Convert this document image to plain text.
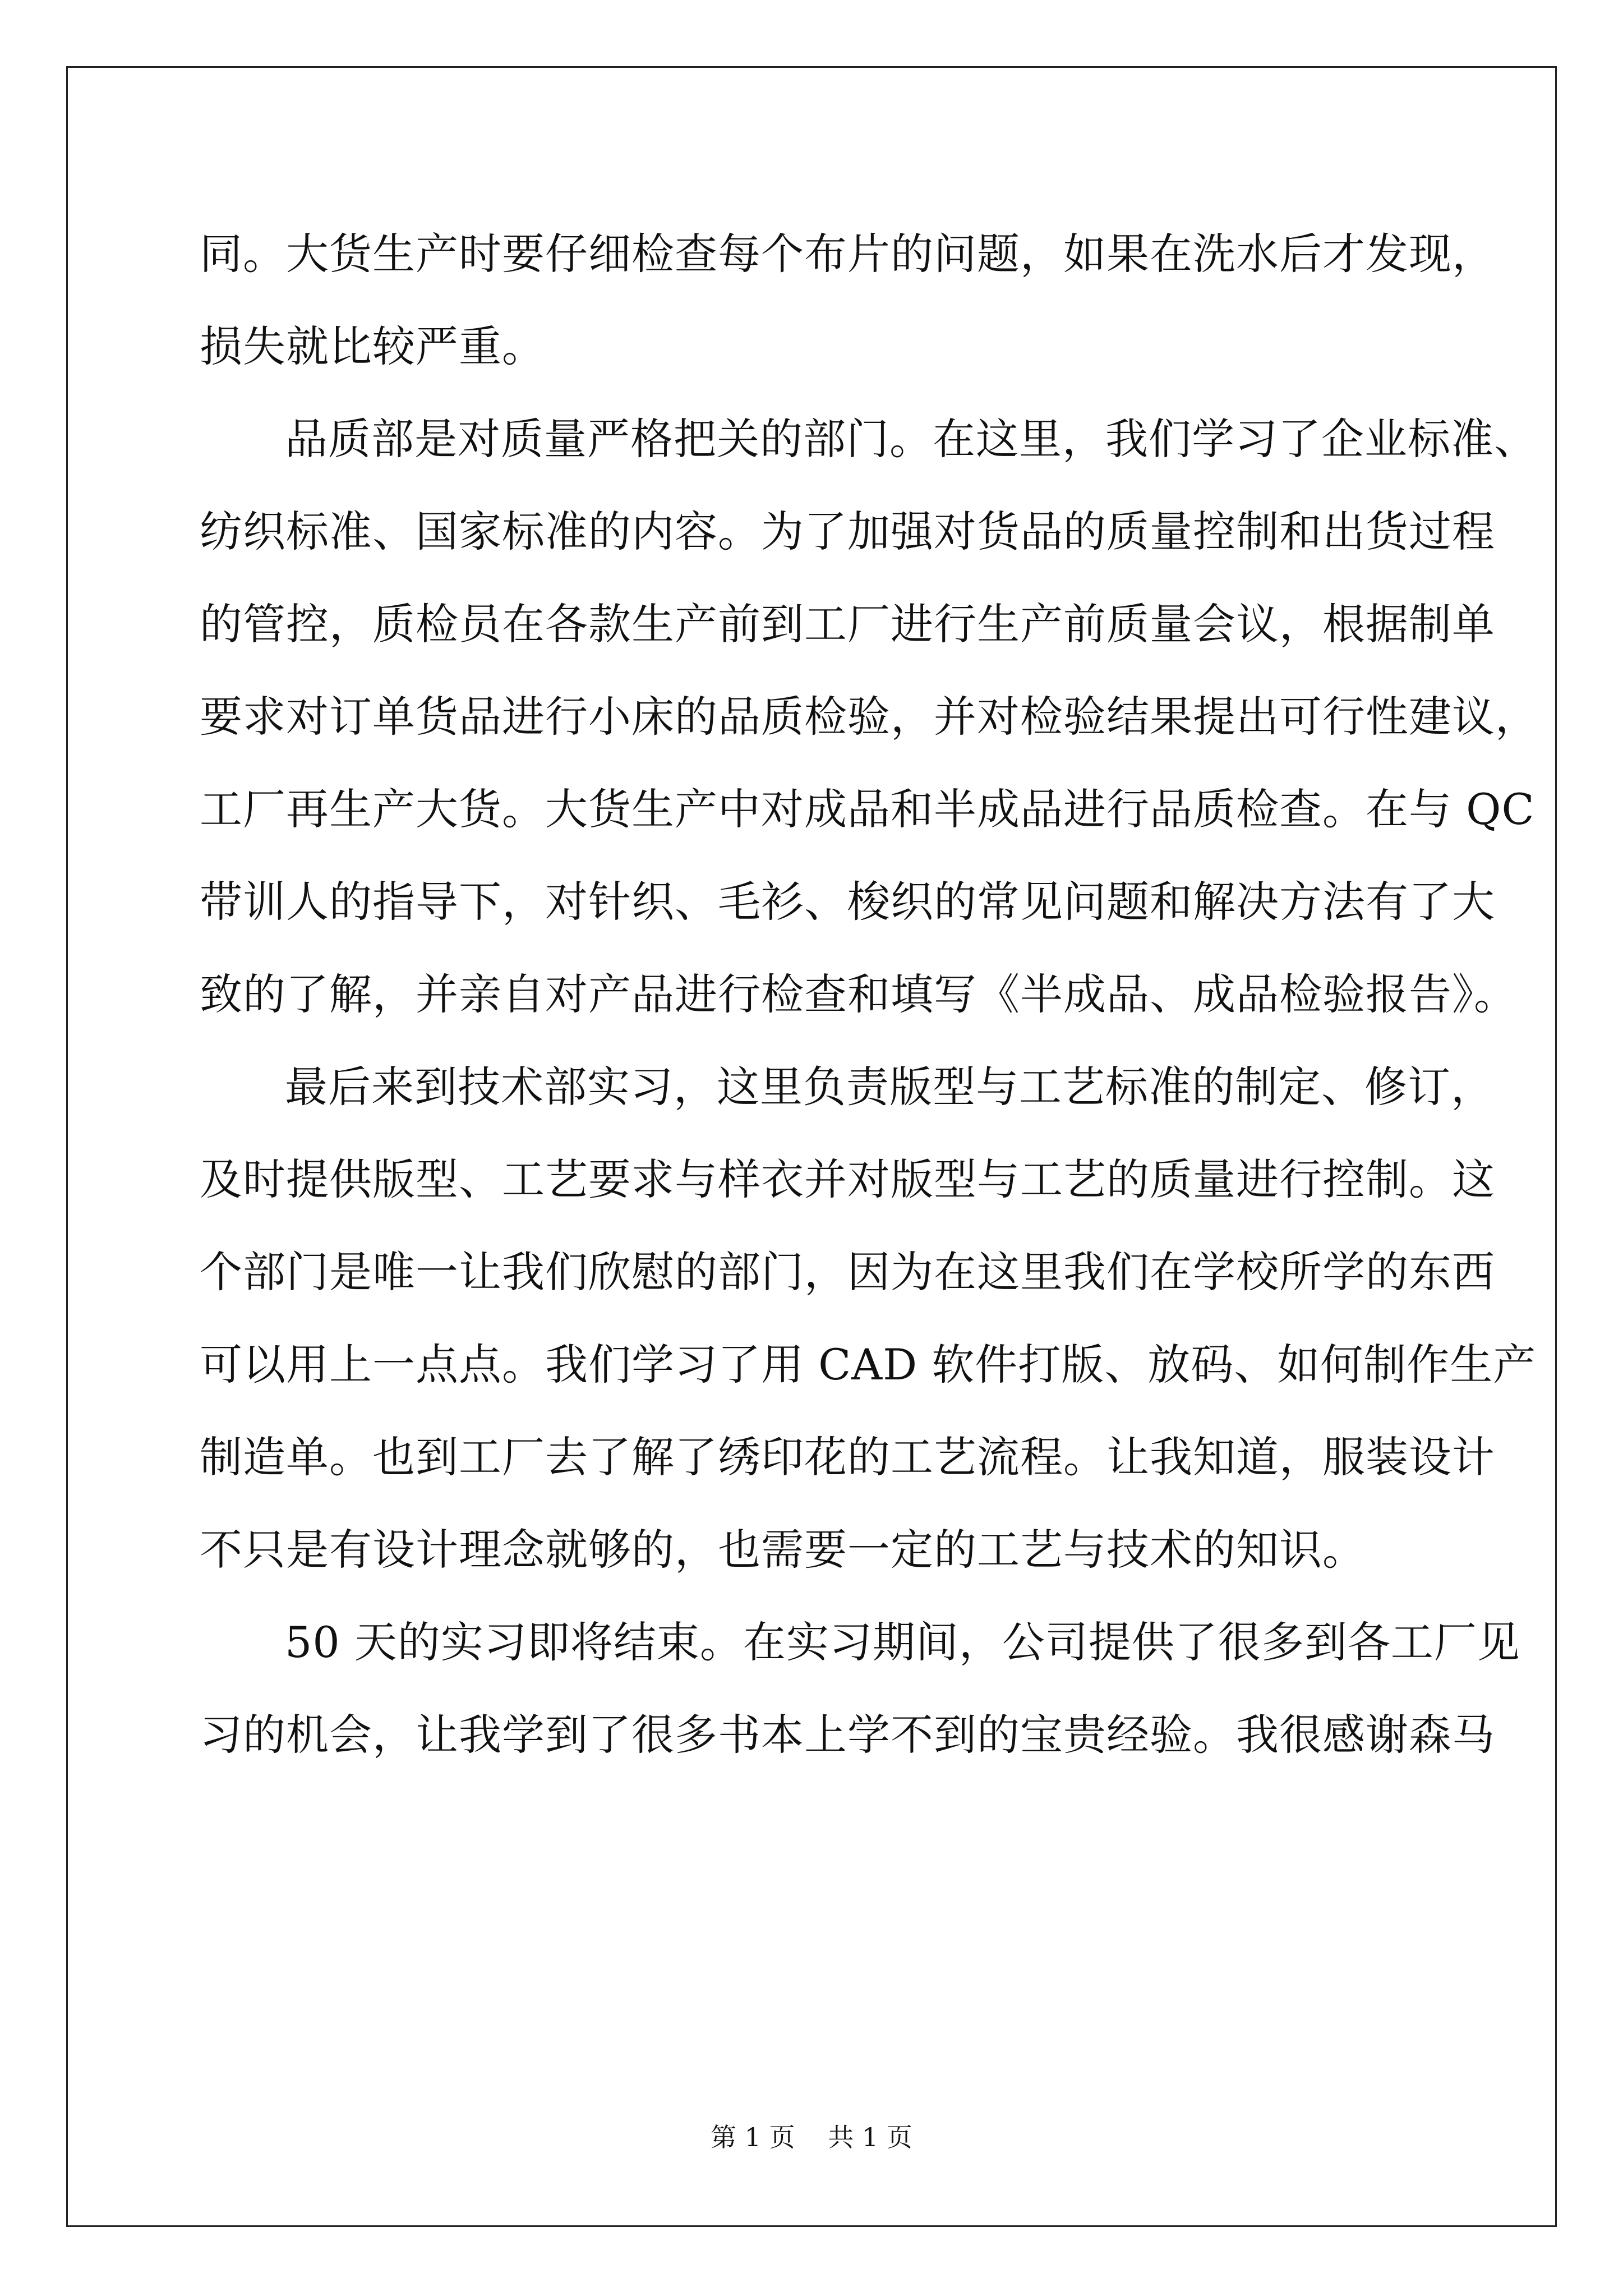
同。大货生产时要仔细检查每个布片的问题，如果在洗水后才发现，
损失就比较严重。
品质部是对质量严格把关的部门。在这里，我们学习了企业标准、
纺织标准、国家标准的内容。为了加强对货品的质量控制和出货过程
的管控，质检员在各款生产前到工厂进行生产前质量会议，根据制单
要求对订单货品进行小床的品质检验，并对检验结果提出可行性建议，
工厂再生产大货。大货生产中对成品和半成品进行品质检查。在与 QC
带训人的指导下，对针织、毛衫、梭织的常见问题和解决方法有了大
致的了解，并亲自对产品进行检查和填写《半成品、成品检验报告》。
最后来到技术部实习，这里负责版型与工艺标准的制定、修订，
及时提供版型、工艺要求与样衣并对版型与工艺的质量进行控制。这
个部门是唯一让我们欣慰的部门，因为在这里我们在学校所学的东西
可以用上一点点。我们学习了用 CAD 软件打版、放码、如何制作生产
制造单。也到工厂去了解了绣印花的工艺流程。让我知道，服装设计
不只是有设计理念就够的，也需要一定的工艺与技术的知识。
50 天的实习即将结束。在实习期间，公司提供了很多到各工厂见
习的机会，让我学到了很多书本上学不到的宝贵经验。我很感谢森马
第 1 页 共 1 页
